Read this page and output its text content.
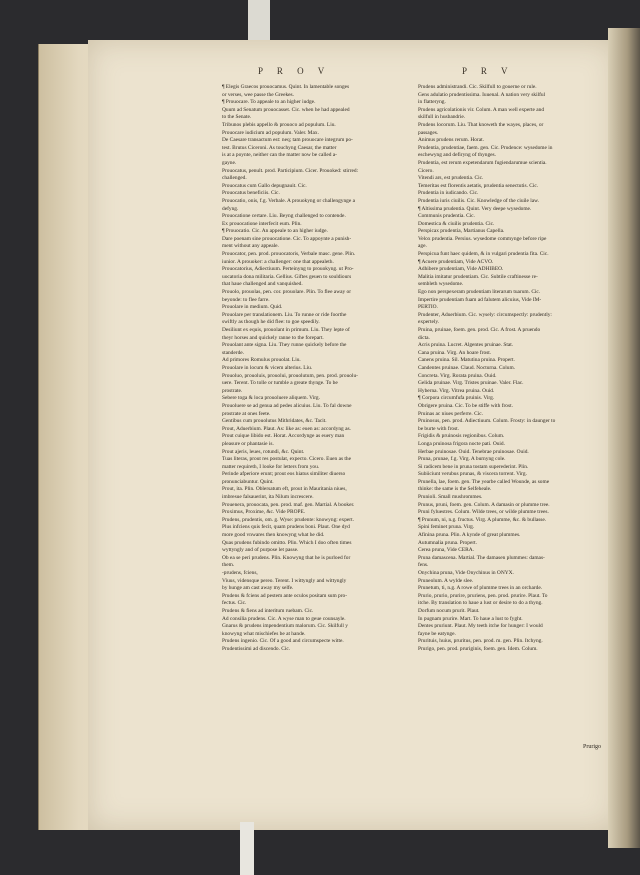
P R O V	P R V
¶ Elegis Graecos prouocamus. Quint. In lamentable songes
or verses, wee passe the Greekes.
¶ Prouocare. To appeale to an higher iudge.
Quum ad Senatum prouocasset. Cic. when he had appealed
to the Senate.
Tribunos plebis appello & prouoco ad populum. Liu.
Prouocare iudicium ad populum. Valer. Max.
De Caesare transactum est: neq; tam prouocare integrum po-
test. Brutus Ciceroni. As touchyng Caesar, the matter
is at a poynte, neither can the matter now be called a-
gayne.
Prouocatus, penult. prod. Participium. Cicer. Prouoked: stirred:
challenged.
Prouocatus cum Gallo depugnauit. Cic.
Prouocatus beneficiis. Cic.
Prouocatio, onis, f.g. Verbale. A prouokyng or challengynge a
defyng.
Prouocatione certare. Liu. Beyng challenged to contende.
Ex prouocatione interfecit eum. Plin.
¶ Prouocatio. Cic. An appeale to an higher iudge.
Dare poenam sine prouocatione. Cic. To appoynte a punish-
ment without any appeale.
Prouocator, pen. prod. prouocatoris, Verbale masc. gene. Plin.
iunior. A prouoker: a challenger: one that appealeth.
Prouocatorius, Adiectiuum. Perteinyng to prouokyng. ut Pro-
uocatoria dona militaria. Gellius. Giftes geuen to souldiours
that haue challenged and vanquished.
Prouolo, prouolas, pen. cor. prouolare. Plin. To flee away or
beyonde: to flee farre.
Prouolare in medium. Quid.
Prouolare per translationem. Liu. To runne or ride foorthe
swiftly as though he did flee: to goe speedily.
Desiliunt ex equis, prouolant in primum. Liu. They lepte of
theyr horses and quickely ranne to the forepart.
Prouolant ante signa. Liu. They runne quickely before the
standerde.
Ad primores Romulus prouolat. Liu.
Prouolare in locum & vicem alterius. Liu.
Prouoluo, prouoluis, prouolui, prouolutum, pen. prod. prouolu-
uere. Terent. To tolle or tumble a greate thynge. To be
prostrate.
Sebere toga & loca prouoluere aliquem. Virg.
Prouoluere se ad genua ad pedes alicuius. Liu. To fal downe
prostrate at ones feete.
Gentibus cum prouolutus Mithridates, &c. Tacit.
Prout, Aduerbium. Plaut. As: like as: euen as: accordyng as.
Prout cuique libido est. Horat. Accordynge as euery man
pleasure or phantasie is.
Prout ajeris, leues, rotundi, &c. Quint.
Tuas literas, prout res postulat, expecto. Cicero. Euen as the
matter requireth, I looke for letters from you.
Perinde afperiore erunt; prout eos hiatus similiter diuerso
pronunciabuntur. Quint.
Prout, ita. Plin. Oblersatum eft, prout in Mauritania niues,
imbresue falsauerint, ita Nilum increscere.
Prouenera, prouocata, pen. prod. maf. gen. Martial. A booker.
Proximus, Proxime, &c. Vide PROPE.
Prudens, prudentis, om. g. Wyse: prudente: knowyng: expert.
Plus infciens quis fecit, quam prudens boni. Plaut. One dyd
more good vnwares then knowyng what he did.
Quas prudens fubindo omitto. Plin. Which I doo often times
wyttyngly and of purpose let passe.
Ob ea se peri prudens. Plin. Knowyng that he is purloed for
them.
-prudens, fciens,
Viuus, vidensque pereo. Terent. I wittyngly and wittyngly
by hunge am cast away my selfe.
Prudens & fciens ad pestem ante oculos positam sum pro-
fectus. Cic.
Prudens & fiens ad interitum ruebam. Cic.
Ad consilia prudens. Cic. A wyse man to geue counsayle.
Gnarus & prudens impendentium malorum. Cic. Skilfull y
knowyng what mischiefes be at hande.
Prudens ingenio. Cic. Of a good and circumspecte witte.
Prudentissimi ad discendo. Cic.
Prudens administrandi. Cic. Skilfull to gouerne or rule.
Gens adulatio prudentissima. Iuuenal. A nation very skilful
in flatteryng.
Prudens agricolationis vir. Colum. A man well experte and
skilfull in husbandrie.
Prudens locorum. Liu. That knoweth the wayes, places, or
passages.
Animus prudens rerum. Horat.
Prudentia, prudentiae, faem. gen. Cic. Prudence: wysedome in
eschewyng and defiryng of thynges.
Prudentia, est rerum expetendarum fugiendarumue scientia.
Cicero.
Vitendi ars, est prudentia. Cic.
Temeritas est florentis aetatis, prudentia senectutis. Cic.
Prudentia in iudicando. Cic.
Prudentia iuris ciuilis. Cic. Knowledge of the ciuile law.
¶ Altissima prudentia. Quint. Very deepe wysedome.
Communis prudentia. Cic.
Domestica & ciuilis prudentia. Cic.
Perspicax prudentia, Martianus Capella.
Velox prudentia. Persius. wysedome commynge before ripe
age.
Perspicua funt haec quidem, & in vulgari prudentia fita. Cic.
¶ Acuere prudentiam, Vide ACVO.
Adhibere prudentiam, Vide ADHIBEO.
Malitia imitatur prudentiam. Cic. Subtile craftinesse re-
sembleth wysedome.
Ego non perspexeram prudentiam literarum tuarum. Cic.
Impertire prudentiam fuam ad falutem alicuius, Vide IM-
PERTIO.
Prudenter, Aduerbium. Cic. wysely: circumspectly: prudently:
expertely.
Pruina, pruinae, foem. gen. prod. Cic. A frost. A pruendo
dicta.
Acris pruina. Lucret. Algentes pruinae. Stat.
Cana pruina. Virg. An hoare frost.
Canens pruina. Sil. Matutina pruina. Propert.
Candentes pruinae. Claud. Nocturna. Colum.
Concreta. Virg. Rorata pruina. Ouid.
Gelida pruinae. Virg. Tristes pruinae. Valer. Flac.
Hyberna. Virg. Vitrea pruina. Ouid.
¶ Corpora circumfufa pruinis. Virg.
Obrigere pruina. Cic. To be stiffe with frost.
Pruinas ac niues perferre. Cic.
Pruinosus, pen. prod. Adiectiuum. Colum. Frosty: in daunger to
be burte with frost.
Frigidis & pruinosis regionibus. Colum.
Longa pruinosa frigora nocte pati. Ouid.
Herbae pruinosae. Ouid. Tenebrae pruinosae. Ouid.
Pruna, prunae, f.g. Virg. A burnyng cole.
Si radicem bene in pruna tostam superederint. Plin.
Subiiciunt verubus prunas, & viscera torrent. Virg.
Prunella, lae, foem. gen. The yearbe called Wounde, as some
thinke: the same is the Selfeheale.
Prunioli. Small mushrommes.
Prunus, pruni, foem. gen. Colum. A damasin or plumme tree.
Pruni fyluestres. Colum. Wilde trees, or wilde plumme trees.
¶ Prunum, ni, n.g. fructus. Virg. A plumme, &c. & bullasse.
Spini feminet pruna. Virg.
Afinina pruna. Plin. A kynde of great plummes.
Autumnalia pruna. Propert.
Cerea pruna, Vide CERA.
Pruna damascena. Martial. The damasen plummes: damas-
fens.
Onychina pruna, Vide Onychinus in ONYX.
Pruneolum. A wylde slee.
Prunetum, ti, n.g. A rowe of plumme trees in an orcharde.
Prurio, prurio, prurire, pruriens, pen. prod. prurire. Plaut. To
itche. By translation to haue a lust or desire to do a thyng.
Dorfum nocum prurit. Plaut.
In pugnam prurire. Mart. To haue a lust to fyght.
Dentes pruriunt. Plaut. My teeth itche for hunger: I would
fayne be eatynge.
Prurituis, huius, pruritus, pen. prod. m. gen. Plin. Itchyng.
Prurigo, pen. prod. pruriginis, foem. gen. Idem. Colum.
Prurigo
